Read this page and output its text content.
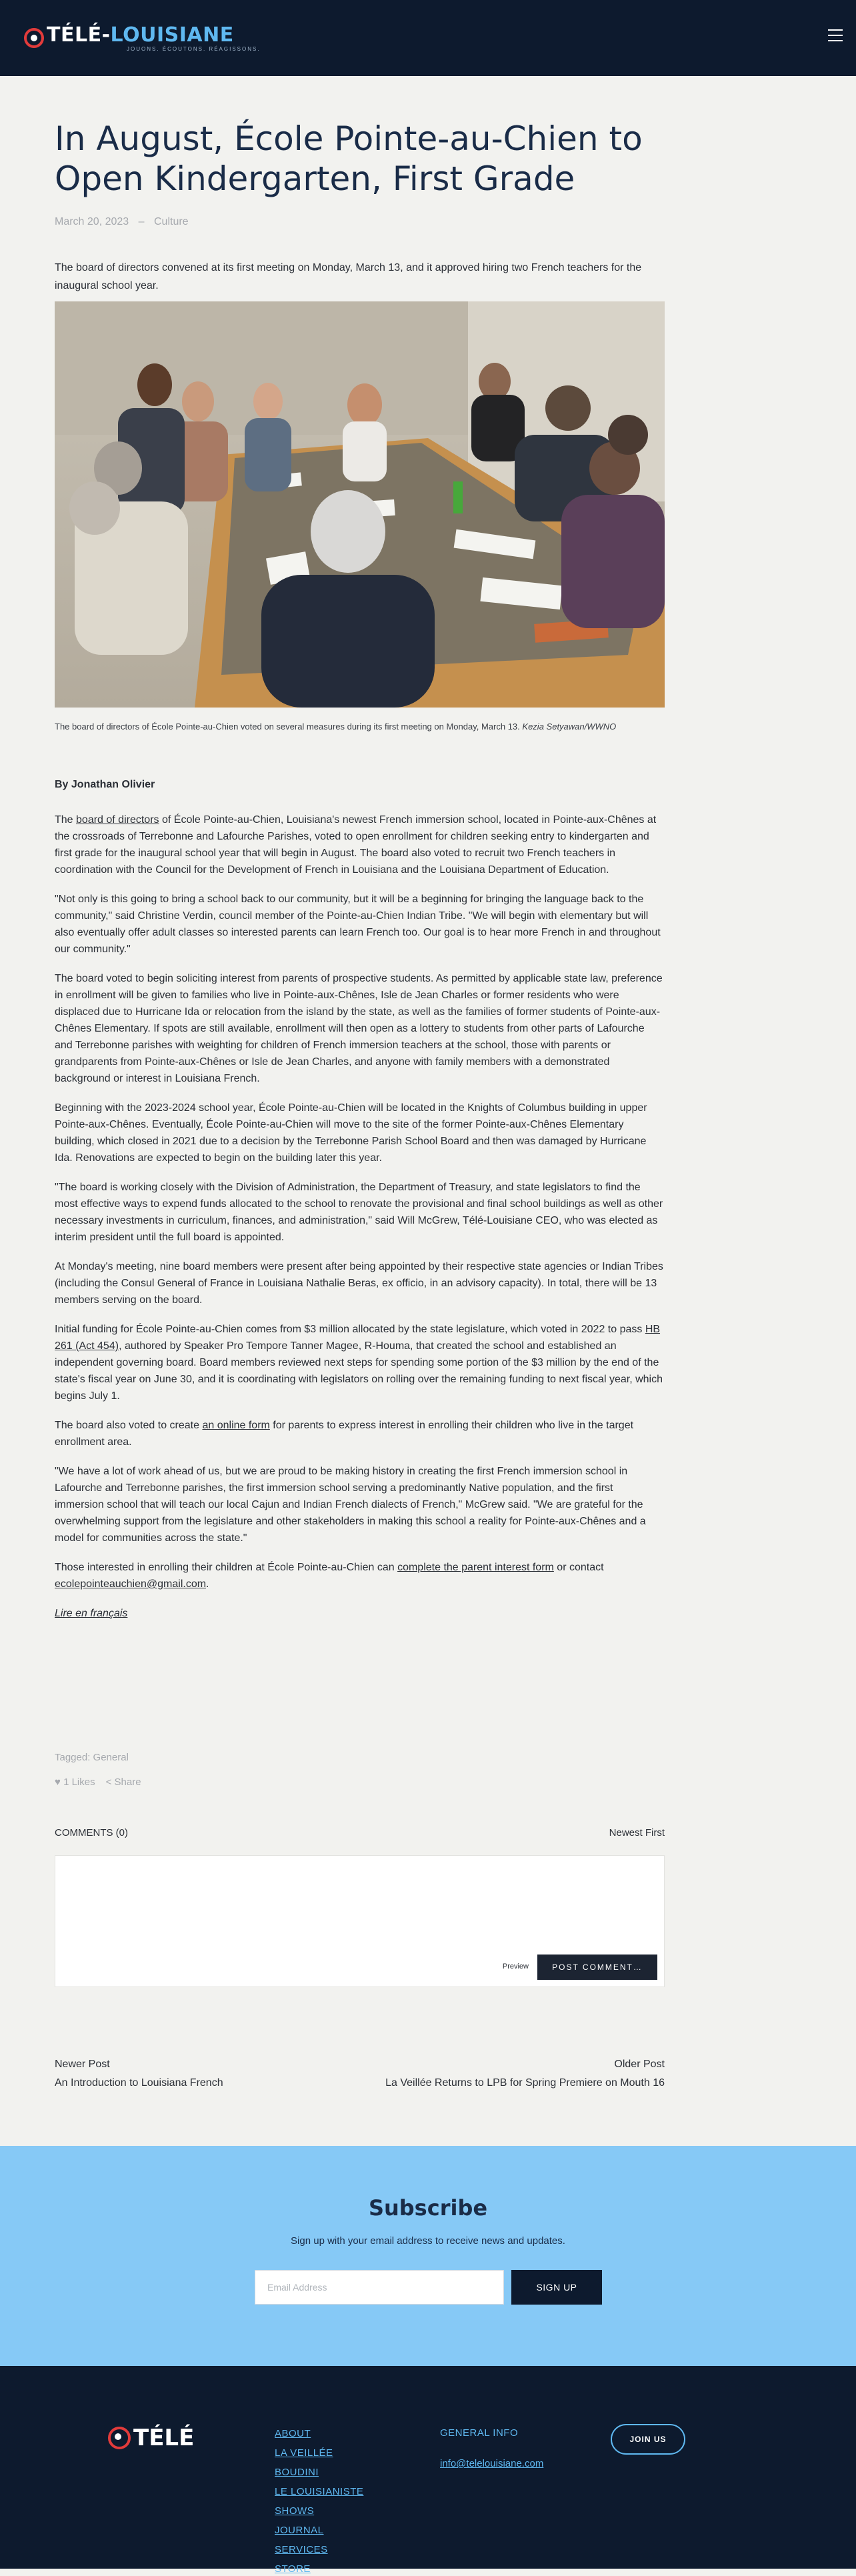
TÉLÉ-LOUISIANE
JOUONS. ÉCOUTONS. RÉAGISSONS.
In August, École Pointe-au-Chien to Open Kindergarten, First Grade
March 20, 2023 – Culture

The board of directors convened at its first meeting on Monday, March 13, and it approved hiring two French teachers for the inaugural school year.

The board of directors of École Pointe-au-Chien voted on several measures during its first meeting on Monday, March 13. Kezia Setyawan/WWNO

By Jonathan Olivier

The board of directors of École Pointe-au-Chien, Louisiana's newest French immersion school, located in Pointe-aux-Chênes at the crossroads of Terrebonne and Lafourche Parishes, voted to open enrollment for children seeking entry to kindergarten and first grade for the inaugural school year that will begin in August. The board also voted to recruit two French teachers in coordination with the Council for the Development of French in Louisiana and the Louisiana Department of Education.

"Not only is this going to bring a school back to our community, but it will be a beginning for bringing the language back to the community," said Christine Verdin, council member of the Pointe-au-Chien Indian Tribe. "We will begin with elementary but will also eventually offer adult classes so interested parents can learn French too. Our goal is to hear more French in and throughout our community."

The board voted to begin soliciting interest from parents of prospective students. As permitted by applicable state law, preference in enrollment will be given to families who live in Pointe-aux-Chênes, Isle de Jean Charles or former residents who were displaced due to Hurricane Ida or relocation from the island by the state, as well as the families of former students of Pointe-aux-Chênes Elementary. If spots are still available, enrollment will then open as a lottery to students from other parts of Lafourche and Terrebonne parishes with weighting for children of French immersion teachers at the school, those with parents or grandparents from Pointe-aux-Chênes or Isle de Jean Charles, and anyone with family members with a demonstrated background or interest in Louisiana French.

Beginning with the 2023-2024 school year, École Pointe-au-Chien will be located in the Knights of Columbus building in upper Pointe-aux-Chênes. Eventually, École Pointe-au-Chien will move to the site of the former Pointe-aux-Chênes Elementary building, which closed in 2021 due to a decision by the Terrebonne Parish School Board and then was damaged by Hurricane Ida. Renovations are expected to begin on the building later this year.

"The board is working closely with the Division of Administration, the Department of Treasury, and state legislators to find the most effective ways to expend funds allocated to the school to renovate the provisional and final school buildings as well as other necessary investments in curriculum, finances, and administration," said Will McGrew, Télé-Louisiane CEO, who was elected as interim president until the full board is appointed.

At Monday's meeting, nine board members were present after being appointed by their respective state agencies or Indian Tribes (including the Consul General of France in Louisiana Nathalie Beras, ex officio, in an advisory capacity). In total, there will be 13 members serving on the board.

Initial funding for École Pointe-au-Chien comes from $3 million allocated by the state legislature, which voted in 2022 to pass HB 261 (Act 454), authored by Speaker Pro Tempore Tanner Magee, R-Houma, that created the school and established an independent governing board. Board members reviewed next steps for spending some portion of the $3 million by the end of the state's fiscal year on June 30, and it is coordinating with legislators on rolling over the remaining funding to next fiscal year, which begins July 1.

The board also voted to create an online form for parents to express interest in enrolling their children who live in the target enrollment area.

"We have a lot of work ahead of us, but we are proud to be making history in creating the first French immersion school in Lafourche and Terrebonne parishes, the first immersion school serving a predominantly Native population, and the first immersion school that will teach our local Cajun and Indian French dialects of French," McGrew said. "We are grateful for the overwhelming support from the legislature and other stakeholders in making this school a reality for Pointe-aux-Chênes and a model for communities across the state."

Those interested in enrolling their children at École Pointe-au-Chien can complete the parent interest form or contact ecolepointeauchien@gmail.com.

Lire en français

Tagged: General
♥ 1 Likes < Share
COMMENTS (0)	Newest First
Preview	POST COMMENT…
Newer Post
An Introduction to Louisiana French
Older Post
La Veillée Returns to LPB for Spring Premiere on Mouth 16
Subscribe

Sign up with your email address to receive news and updates.

Email Address	SIGN UP
TÉLÉ	ABOUT
LA VEILLÉE
BOUDINI
LE LOUISIANISTE
SHOWS
JOURNAL
SERVICES
STORE
GENERAL INFO
info@telelouisiane.com
JOIN US
